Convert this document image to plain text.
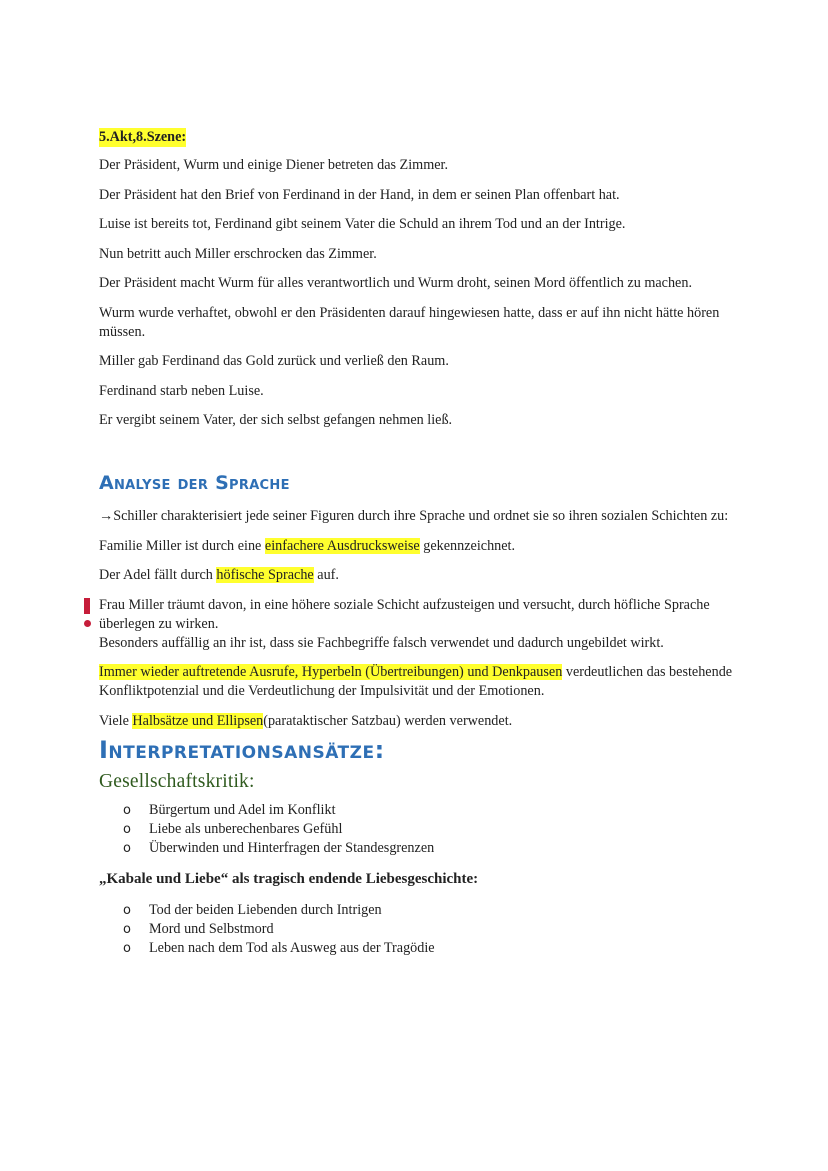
5.Akt,8.Szene:

Der Präsident, Wurm und einige Diener betreten das Zimmer.

Der Präsident hat den Brief von Ferdinand in der Hand, in dem er seinen Plan offenbart hat.

Luise ist bereits tot, Ferdinand gibt seinem Vater die Schuld an ihrem Tod und an der Intrige.

Nun betritt auch Miller erschrocken das Zimmer.

Der Präsident macht Wurm für alles verantwortlich und Wurm droht, seinen Mord öffentlich zu machen.

Wurm wurde verhaftet, obwohl er den Präsidenten darauf hingewiesen hatte, dass er auf ihn nicht hätte hören müssen.

Miller gab Ferdinand das Gold zurück und verließ den Raum.

Ferdinand starb neben Luise.

Er vergibt seinem Vater, der sich selbst gefangen nehmen ließ.

Analyse der Sprache

→Schiller charakterisiert jede seiner Figuren durch ihre Sprache und ordnet sie so ihren sozialen Schichten zu:

Familie Miller ist durch eine einfachere Ausdrucksweise gekennzeichnet.

Der Adel fällt durch höfische Sprache auf.

Frau Miller träumt davon, in eine höhere soziale Schicht aufzusteigen und versucht, durch höfliche Sprache überlegen zu wirken.

Besonders auffällig an ihr ist, dass sie Fachbegriffe falsch verwendet und dadurch ungebildet wirkt.

Immer wieder auftretende Ausrufe, Hyperbeln (Übertreibungen) und Denkpausen verdeutlichen das bestehende Konfliktpotenzial und die Verdeutlichung der Impulsivität und der Emotionen.

Viele Halbsätze und Ellipsen(parataktischer Satzbau) werden verwendet.

Interpretationsansätze:
Gesellschaftskritik:
o Bürgertum und Adel im Konflikt
o Liebe als unberechenbares Gefühl
o Überwinden und Hinterfragen der Standesgrenzen
„Kabale und Liebe“ als tragisch endende Liebesgeschichte:
o Tod der beiden Liebenden durch Intrigen
o Mord und Selbstmord
o Leben nach dem Tod als Ausweg aus der Tragödie
